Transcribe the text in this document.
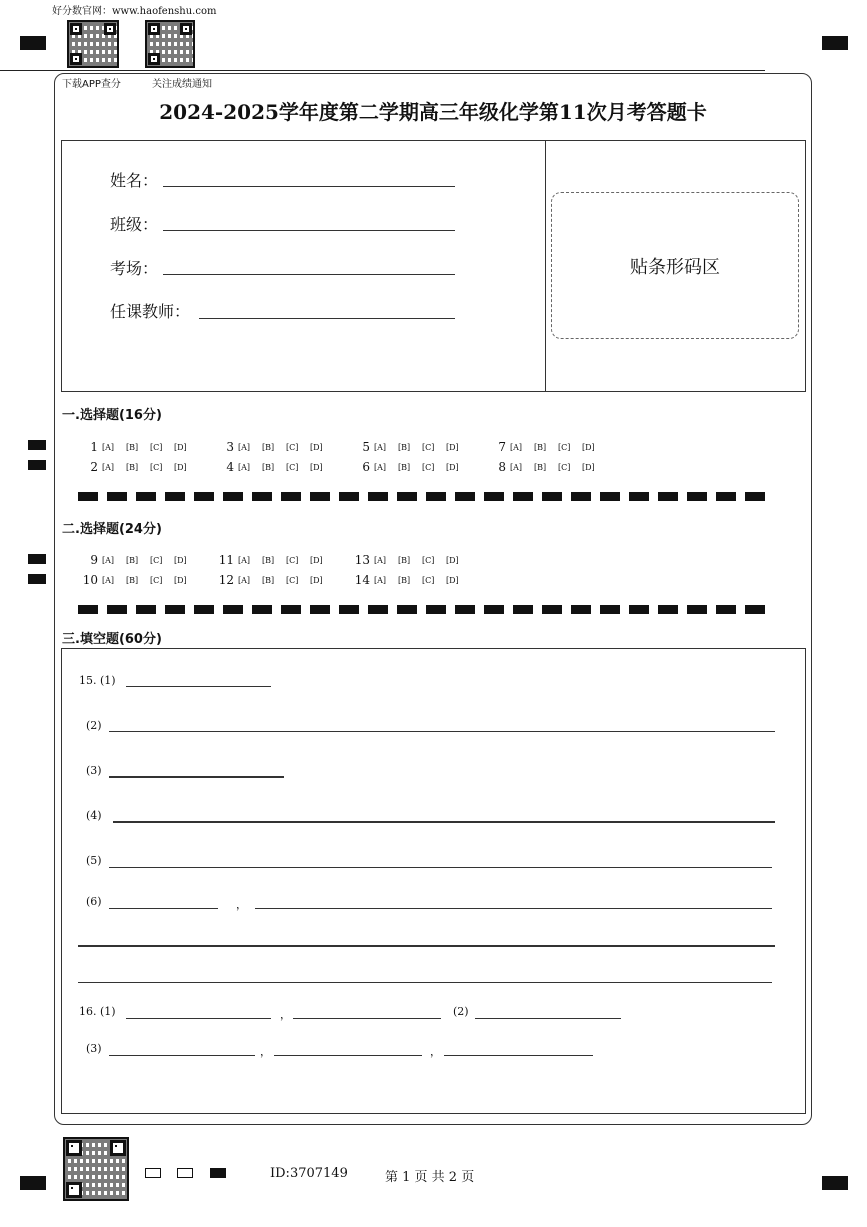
好分数官网：www.haofenshu.com
下载APP查分	关注成绩通知
2024-2025学年度第二学期高三年级化学第11次月考答题卡
姓名：
班级：
考场：
任课教师：
贴条形码区
一.选择题(16分)
1 [A]	[B]	[C]	[D]	3 [A]	[B]	[C]	[D]	5 [A]	[B]	[C]	[D]	7 [A]	[B]	[C]	[D]
2 [A]	[B]	[C]	[D]	4 [A]	[B]	[C]	[D]	6 [A]	[B]	[C]	[D]	8 [A]	[B]	[C]	[D]
二.选择题(24分)
9 [A]	[B]	[C]	[D]	11 [A]	[B]	[C]	[D]	13 [A]	[B]	[C]	[D]
10 [A]	[B]	[C]	[D]	12 [A]	[B]	[C]	[D]	14 [A]	[B]	[C]	[D]
三.填空题(60分)
15. (1)
(2)
(3)
(4)
(5)
(6)	，
16. (1)	，	(2)
(3)	，	，
ID:3707149	第 1 页 共 2 页
